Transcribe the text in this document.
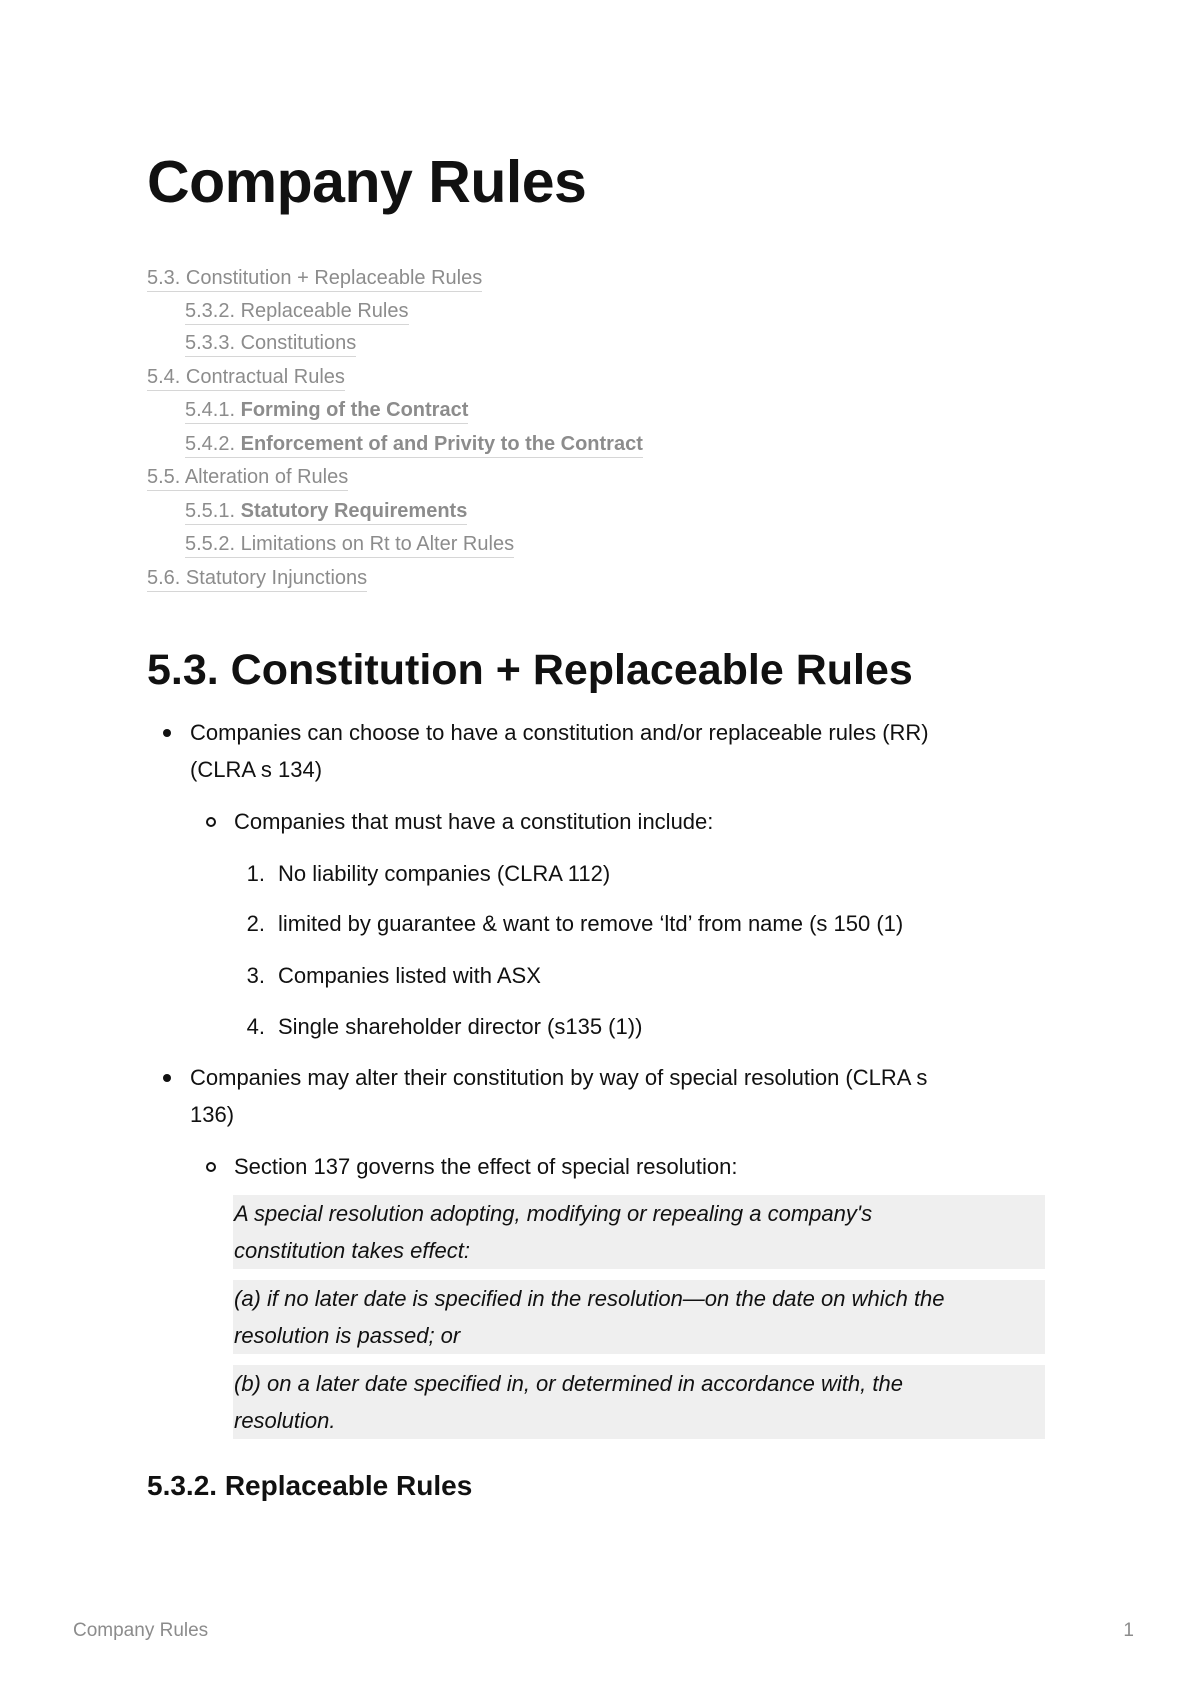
Company Rules
5.3. Constitution + Replaceable Rules
5.3.2. Replaceable Rules
5.3.3. Constitutions
5.4. Contractual Rules
5.4.1. Forming of the Contract
5.4.2. Enforcement of and Privity to the Contract
5.5. Alteration of Rules
5.5.1. Statutory Requirements
5.5.2. Limitations on Rt to Alter Rules
5.6. Statutory Injunctions
5.3. Constitution + Replaceable Rules
Companies can choose to have a constitution and/or replaceable rules (RR)
(CLRA s 134)
Companies that must have a constitution include:
1. No liability companies (CLRA 112)
2. limited by guarantee & want to remove ‘ltd’ from name (s 150 (1)
3. Companies listed with ASX
4. Single shareholder director (s135 (1))
Companies may alter their constitution by way of special resolution (CLRA s
136)
Section 137 governs the effect of special resolution:
A special resolution adopting, modifying or repealing a company's
constitution takes effect:
(a) if no later date is specified in the resolution—on the date on which the
resolution is passed; or
(b) on a later date specified in, or determined in accordance with, the
resolution.
5.3.2. Replaceable Rules
Company Rules	1
